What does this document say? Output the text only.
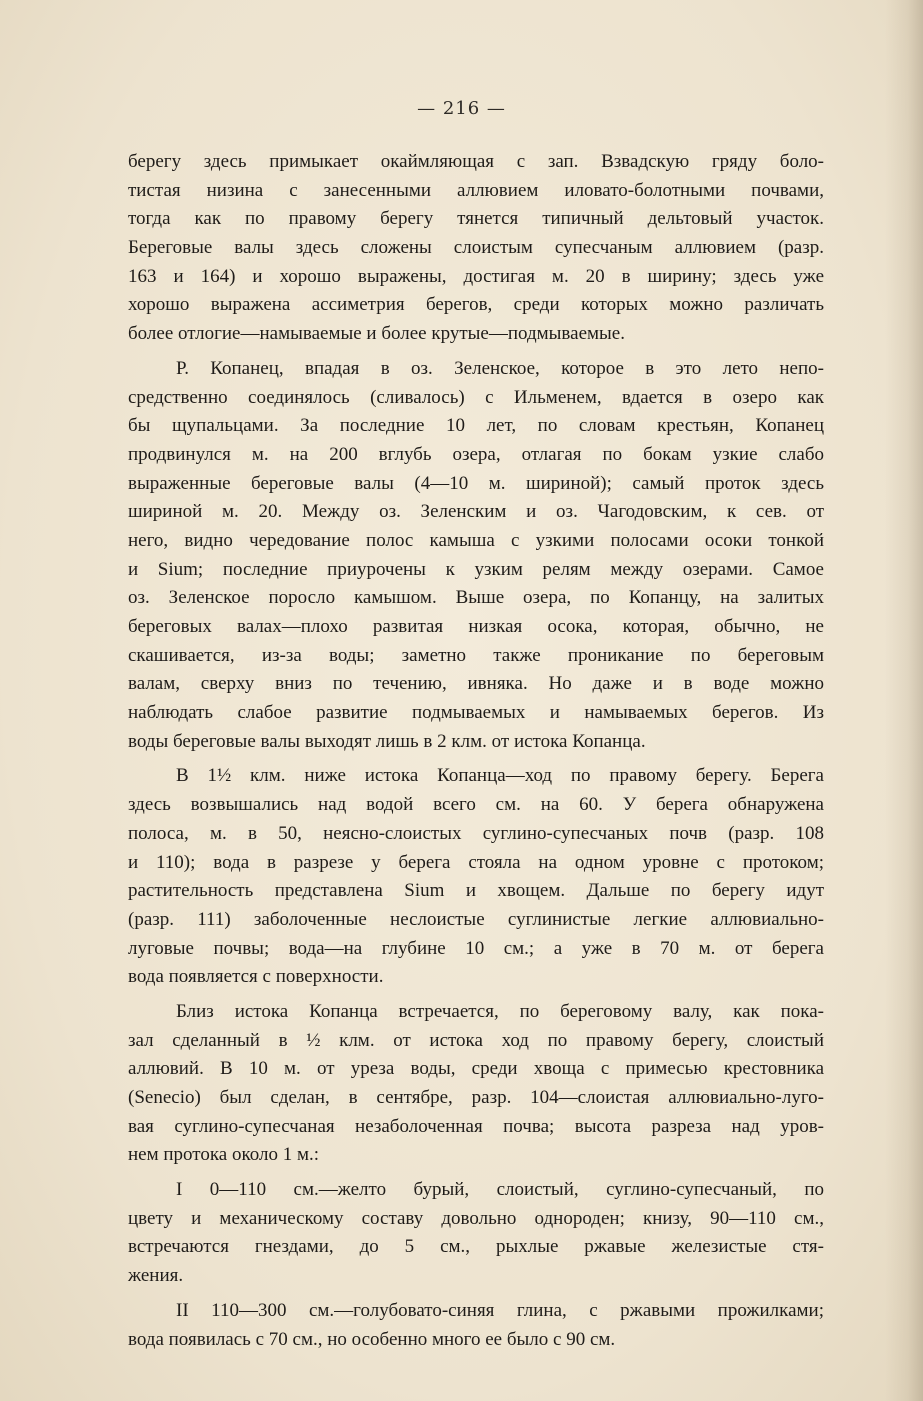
— 216 —
берегу здесь примыкает окаймляющая с зап. Взвадскую гряду боло-
тистая низина с занесенными аллювием иловато-болотными почвами,
тогда как по правому берегу тянется типичный дельтовый участок.
Береговые валы здесь сложены слоистым супесчаным аллювием (разр.
163 и 164) и хорошо выражены, достигая м. 20 в ширину; здесь уже
хорошо выражена ассиметрия берегов, среди которых можно различать
более отлогие—намываемые и более крутые—подмываемые.
Р. Копанец, впадая в оз. Зеленское, которое в это лето непо-
средственно соединялось (сливалось) с Ильменем, вдается в озеро как
бы щупальцами. За последние 10 лет, по словам крестьян, Копанец
продвинулся м. на 200 вглубь озера, отлагая по бокам узкие слабо
выраженные береговые валы (4—10 м. шириной); самый проток здесь
шириной м. 20. Между оз. Зеленским и оз. Чагодовским, к сев. от
него, видно чередование полос камыша с узкими полосами осоки тонкой
и Sium; последние приурочены к узким релям между озерами. Самое
оз. Зеленское поросло камышом. Выше озера, по Копанцу, на залитых
береговых валах—плохо развитая низкая осока, которая, обычно, не
скашивается, из-за воды; заметно также проникание по береговым
валам, сверху вниз по течению, ивняка. Но даже и в воде можно
наблюдать слабое развитие подмываемых и намываемых берегов. Из
воды береговые валы выходят лишь в 2 клм. от истока Копанца.
В 1½ клм. ниже истока Копанца—ход по правому берегу. Берега
здесь возвышались над водой всего см. на 60. У берега обнаружена
полоса, м. в 50, неясно-слоистых суглино-супесчаных почв (разр. 108
и 110); вода в разрезе у берега стояла на одном уровне с протоком;
растительность представлена Sium и хвощем. Дальше по берегу идут
(разр. 111) заболоченные неслоистые суглинистые легкие аллювиально-
луговые почвы; вода—на глубине 10 см.; а уже в 70 м. от берега
вода появляется с поверхности.
Близ истока Копанца встречается, по береговому валу, как пока-
зал сделанный в ½ клм. от истока ход по правому берегу, слоистый
аллювий. В 10 м. от уреза воды, среди хвоща с примесью крестовника
(Senecio) был сделан, в сентябре, разр. 104—слоистая аллювиально-луго-
вая суглино-супесчаная незаболоченная почва; высота разреза над уров-
нем протока около 1 м.:
I 0—110 см.—желто бурый, слоистый, суглино-супесчаный, по
цвету и механическому составу довольно однороден; книзу, 90—110 см.,
встречаются гнездами, до 5 см., рыхлые ржавые железистые стя-
жения.
II 110—300 см.—голубовато-синяя глина, с ржавыми прожилками;
вода появилась с 70 см., но особенно много ее было с 90 см.
